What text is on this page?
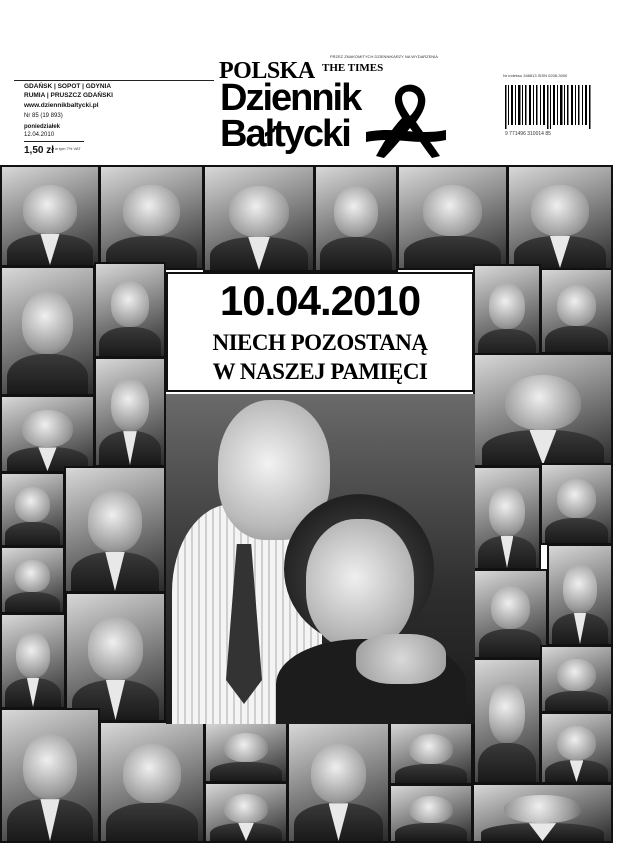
GDAŃSK | SOPOT | GDYNIA
RUMIA | PRUSZCZ GDAŃSKI
www.dziennikbaltycki.pl
Nr 85 (19 893)
poniedziałek
12.04.2010
1,50 zł w tym 7% VAT
PRZEZ ZNAKOMITYCH DZIENNIKARZY NA WYDARZENIA
POLSKA THE TIMES
Dziennik
Bałtycki
Nr indeksu 348813 ISSN 0208-3000
9 771496 310014 85
10.04.2010
NIECH POZOSTANĄ
W NASZEJ PAMIĘCI
